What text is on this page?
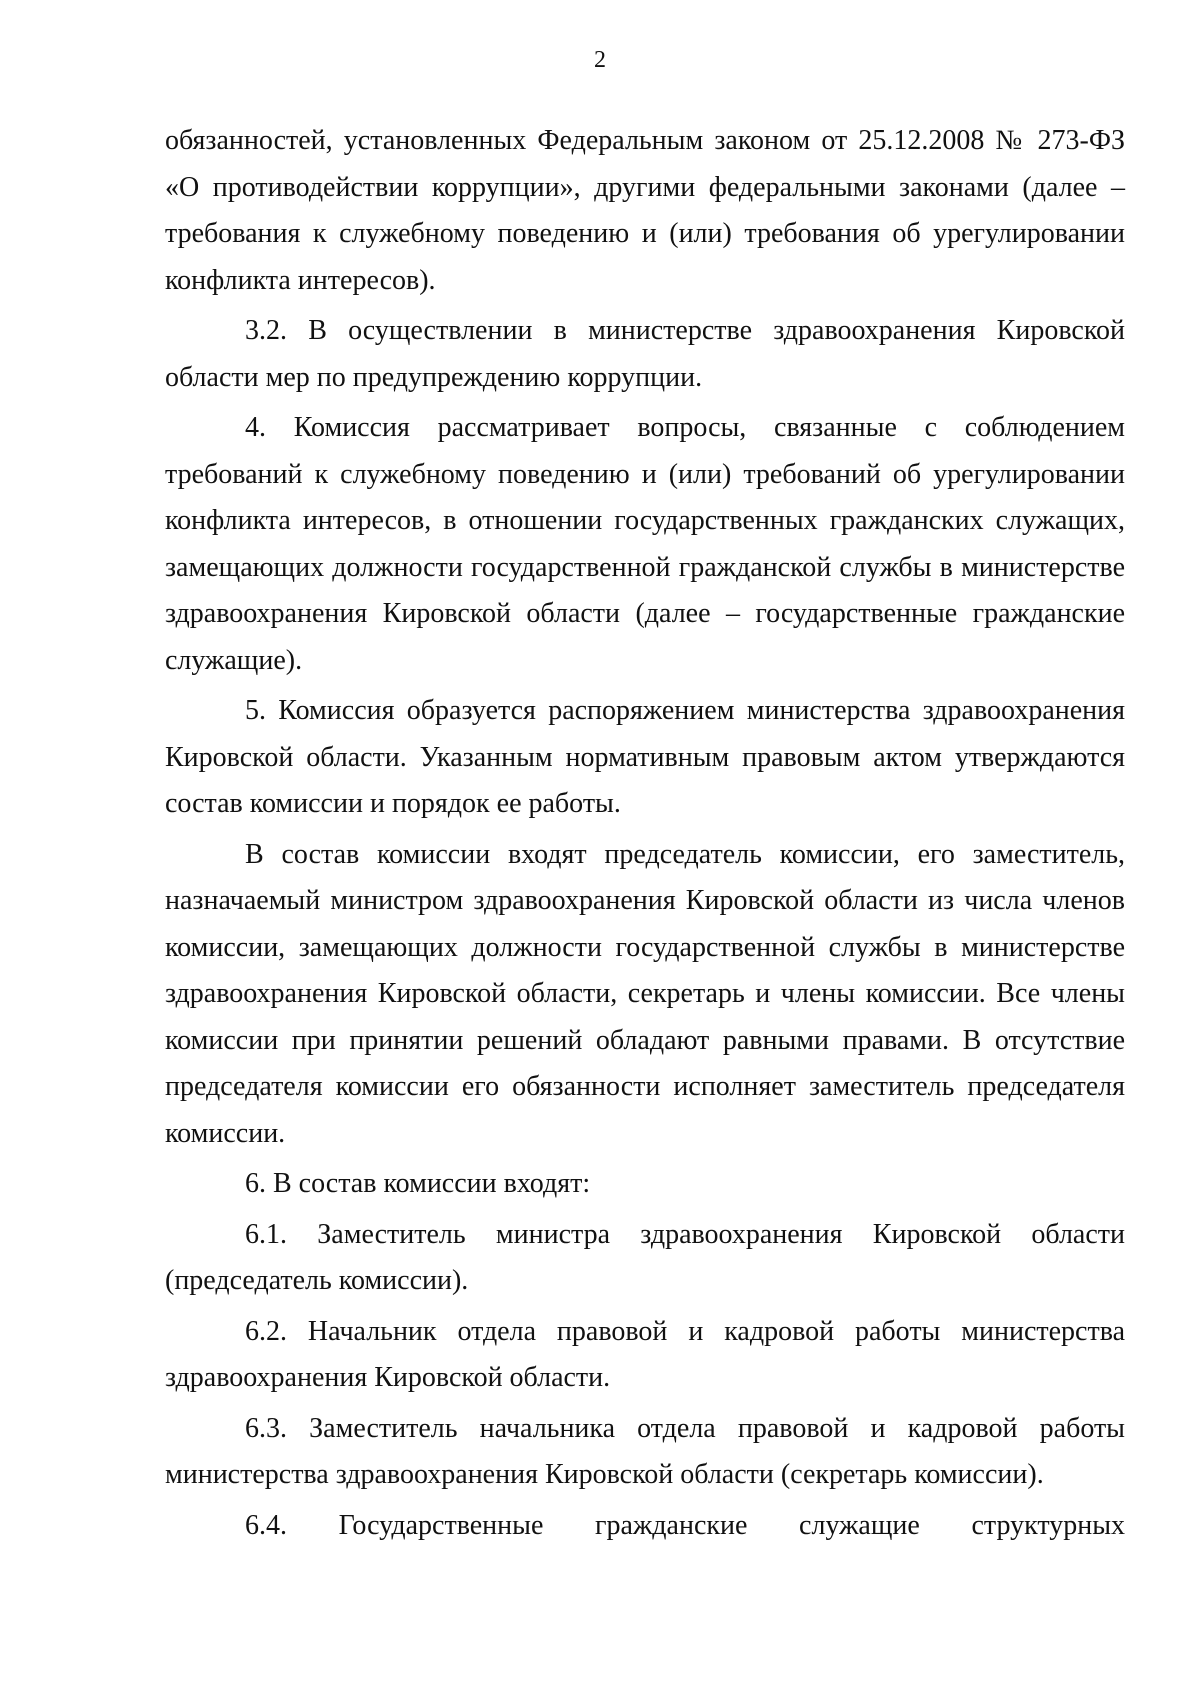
2

обязанностей, установленных Федеральным законом от 25.12.2008 № 273-ФЗ «О противодействии коррупции», другими федеральными законами (далее – требования к служебному поведению и (или) требования об урегулировании конфликта интересов).

3.2. В осуществлении в министерстве здравоохранения Кировской области мер по предупреждению коррупции.

4. Комиссия рассматривает вопросы, связанные с соблюдением требований к служебному поведению и (или) требований об урегулировании конфликта интересов, в отношении государственных гражданских служащих, замещающих должности государственной гражданской службы в министерстве здравоохранения Кировской области (далее – государственные гражданские служащие).

5. Комиссия образуется распоряжением министерства здравоохранения Кировской области. Указанным нормативным правовым актом утверждаются состав комиссии и порядок ее работы.

В состав комиссии входят председатель комиссии, его заместитель, назначаемый министром здравоохранения Кировской области из числа членов комиссии, замещающих должности государственной службы в министерстве здравоохранения Кировской области, секретарь и члены комиссии. Все члены комиссии при принятии решений обладают равными правами. В отсутствие председателя комиссии его обязанности исполняет заместитель председателя комиссии.

6. В состав комиссии входят:

6.1. Заместитель министра здравоохранения Кировской области (председатель комиссии).

6.2. Начальник отдела правовой и кадровой работы министерства здравоохранения Кировской области.

6.3. Заместитель начальника отдела правовой и кадровой работы министерства здравоохранения Кировской области (секретарь комиссии).

6.4. Государственные гражданские служащие структурных
